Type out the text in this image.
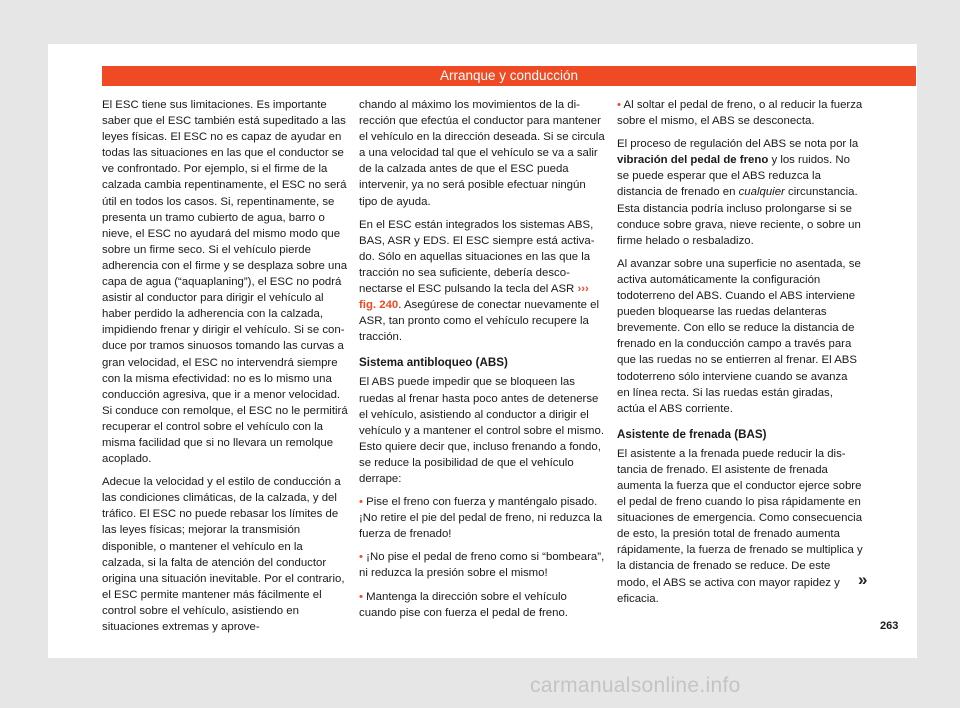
Arranque y conducción

El ESC tiene sus limitaciones. Es importante saber que el ESC también está supeditado a las leyes físicas. El ESC no es capaz de ayudar en todas las situaciones en las que el conductor se ve confrontado. Por ejemplo, si el firme de la calzada cambia repentinamente, el ESC no será útil en todos los casos. Si, repentinamente, se presenta un tramo cubierto de agua, barro o nieve, el ESC no ayudará del mismo modo que sobre un firme seco. Si el vehículo pierde adherencia con el firme y se desplaza sobre una capa de agua (“aquaplaning”), el ESC no podrá asistir al conductor para dirigir el vehículo al haber perdido la adherencia con la calzada, impidiendo frenar y dirigir el vehículo. Si se conduce por tramos sinuosos tomando las curvas a gran velocidad, el ESC no intervendrá siempre con la misma efectividad: no es lo mismo una conducción agresiva, que ir a menor velocidad. Si conduce con remolque, el ESC no le permitirá recuperar el control sobre el vehículo con la misma facilidad que si no llevara un remolque acoplado.

Adecue la velocidad y el estilo de conducción a las condiciones climáticas, de la calzada, y del tráfico. El ESC no puede rebasar los límites de las leyes físicas; mejorar la transmisión disponible, o mantener el vehículo en la calzada, si la falta de atención del conductor origina una situación inevitable. Por el contrario, el ESC permite mantener más fácilmente el control sobre el vehículo, asistiendo en situaciones extremas y aprove-

chando al máximo los movimientos de la dirección que efectúa el conductor para mantener el vehículo en la dirección deseada. Si se circula a una velocidad tal que el vehículo se va a salir de la calzada antes de que el ESC pueda intervenir, ya no será posible efectuar ningún tipo de ayuda.

En el ESC están integrados los sistemas ABS, BAS, ASR y EDS. El ESC siempre está activado. Sólo en aquellas situaciones en las que la tracción no sea suficiente, debería desconectarse el ESC pulsando la tecla del ASR ››› fig. 240. Asegúrese de conectar nuevamente el ASR, tan pronto como el vehículo recupere la tracción.

Sistema antibloqueo (ABS)

El ABS puede impedir que se bloqueen las ruedas al frenar hasta poco antes de detenerse el vehículo, asistiendo al conductor a dirigir el vehículo y a mantener el control sobre el mismo. Esto quiere decir que, incluso frenando a fondo, se reduce la posibilidad de que el vehículo derrape:

• Pise el freno con fuerza y manténgalo pisado. ¡No retire el pie del pedal de freno, ni reduzca la fuerza de frenado!

• ¡No pise el pedal de freno como si “bombeara”, ni reduzca la presión sobre el mismo!

• Mantenga la dirección sobre el vehículo cuando pise con fuerza el pedal de freno.

• Al soltar el pedal de freno, o al reducir la fuerza sobre el mismo, el ABS se desconecta.

El proceso de regulación del ABS se nota por la vibración del pedal de freno y los ruidos. No se puede esperar que el ABS reduzca la distancia de frenado en cualquier circunstancia. Esta distancia podría incluso prolongarse si se conduce sobre grava, nieve reciente, o sobre un firme helado o resbaladizo.

Al avanzar sobre una superficie no asentada, se activa automáticamente la configuración todoterreno del ABS. Cuando el ABS interviene pueden bloquearse las ruedas delanteras brevemente. Con ello se reduce la distancia de frenado en la conducción campo a través para que las ruedas no se entierren al frenar. El ABS todoterreno sólo interviene cuando se avanza en línea recta. Si las ruedas están giradas, actúa el ABS corriente.

Asistente de frenada (BAS)

El asistente a la frenada puede reducir la distancia de frenado. El asistente de frenada aumenta la fuerza que el conductor ejerce sobre el pedal de freno cuando lo pisa rápidamente en situaciones de emergencia. Como consecuencia de esto, la presión total de frenado aumenta rápidamente, la fuerza de frenado se multiplica y la distancia de frenado se reduce. De este modo, el ABS se activa con mayor rapidez y eficacia.

»
263
carmanualsonline.info
